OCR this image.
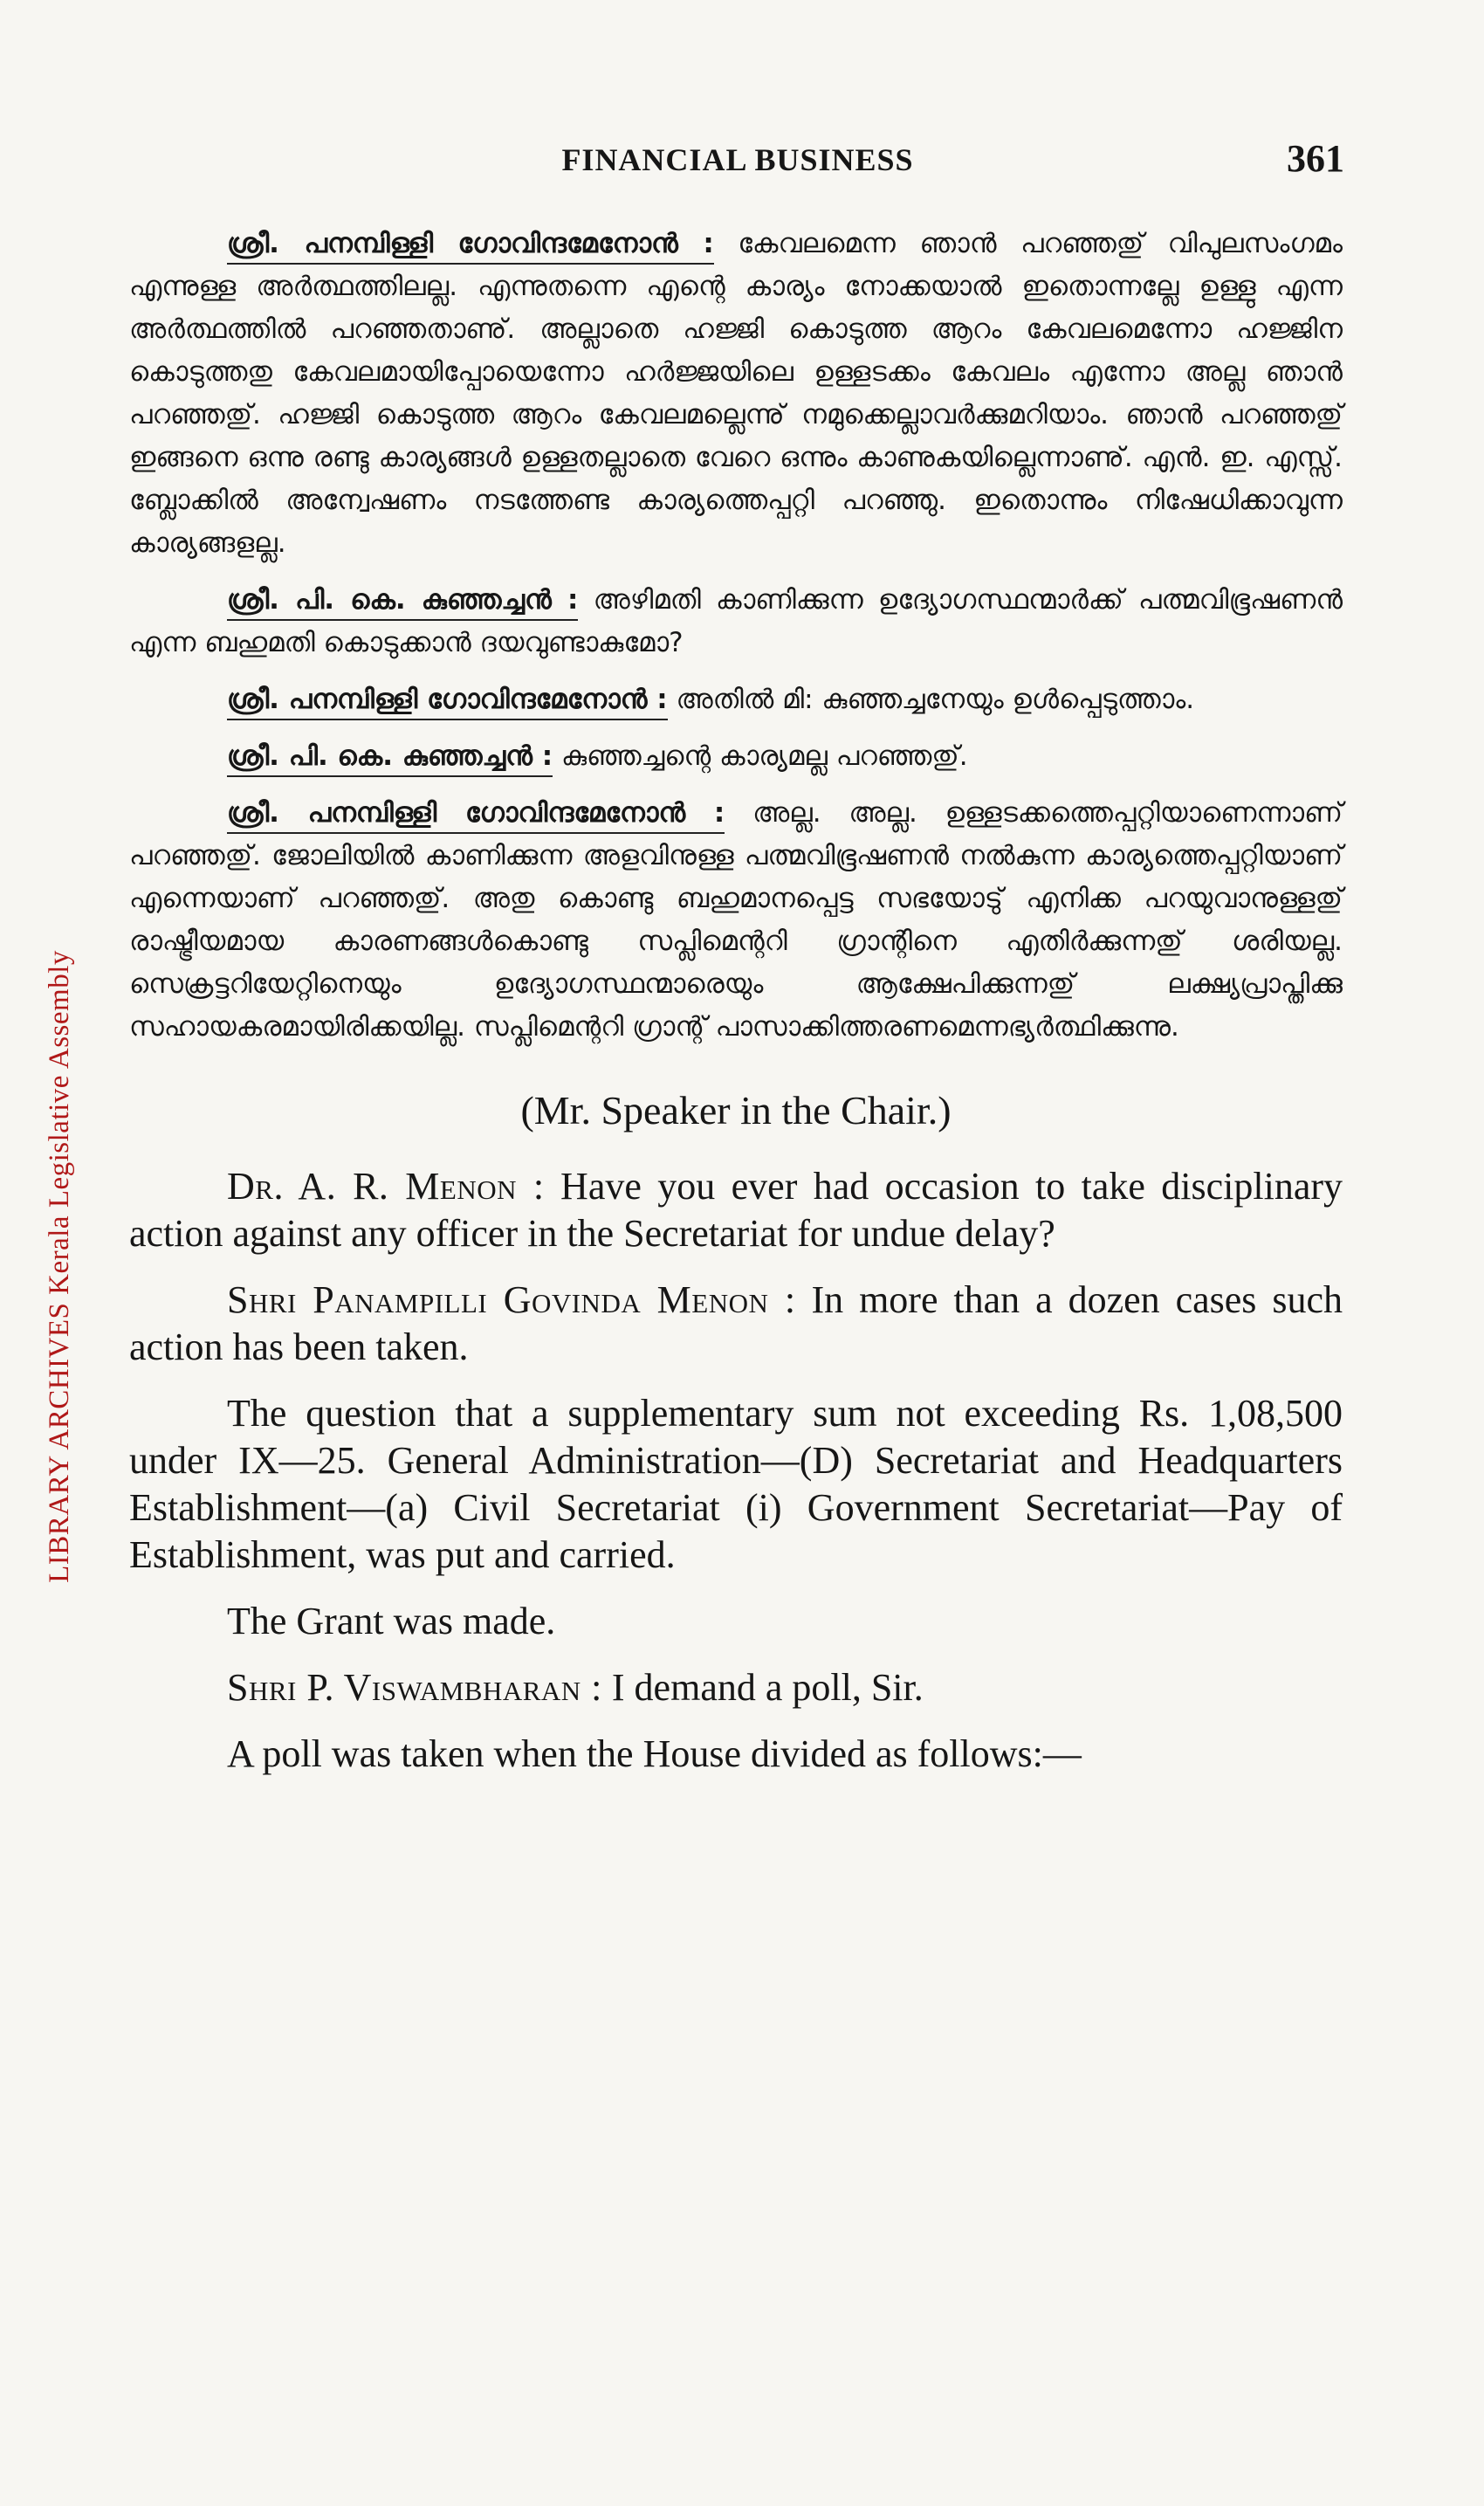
LIBRARY ARCHIVES Kerala Legislative Assembly
FINANCIAL BUSINESS	361

ശ്രീ. പനമ്പിള്ളി ഗോവിന്ദമേനോൻ : കേവലമെന്ന ഞാൻ പറഞ്ഞതു് വിപുലസംഗമം എന്നുള്ള അർത്ഥത്തിലല്ല. എന്നുതന്നെ എന്റെ കാര്യം നോക്കയാൽ ഇതൊന്നല്ലേ ഉള്ളു എന്ന അർത്ഥത്തിൽ പറഞ്ഞതാണു്. അല്ലാതെ ഹജ്ജി കൊടുത്ത ആറം കേവലമെന്നോ ഹജ്ജിന കൊടുത്തതു കേവലമായിപ്പോയെന്നോ ഹർജ്ജയിലെ ഉള്ളടക്കം കേവലം എന്നോ അല്ല ഞാൻ പറഞ്ഞതു്. ഹജ്ജി കൊടുത്ത ആറം കേവലമല്ലെന്നു് നമുക്കെല്ലാവർക്കുമറിയാം. ഞാൻ പറഞ്ഞതു് ഇങ്ങനെ ഒന്നു രണ്ടു കാര്യങ്ങൾ ഉള്ളതല്ലാതെ വേറെ ഒന്നും കാണുകയില്ലെന്നാണു്. എൻ. ഇ. എസ്സ്. ബ്ലോക്കിൽ അന്വേഷണം നടത്തേണ്ട കാര്യത്തെപ്പറ്റി പറഞ്ഞു. ഇതൊന്നും നിഷേധിക്കാവുന്ന കാര്യങ്ങളല്ല.

ശ്രീ. പി. കെ. കുഞ്ഞച്ചൻ : അഴിമതി കാണിക്കുന്ന ഉദ്യോഗസ്ഥന്മാർക്ക് പത്മവിഭൂഷണൻ എന്ന ബഹുമതി കൊടുക്കാൻ ദയവുണ്ടാകുമോ?

ശ്രീ. പനമ്പിള്ളി ഗോവിന്ദമേനോൻ : അതിൽ മി: കുഞ്ഞച്ചനേയും ഉൾപ്പെടുത്താം.

ശ്രീ. പി. കെ. കുഞ്ഞച്ചൻ : കുഞ്ഞച്ചന്റെ കാര്യമല്ല പറഞ്ഞതു്.

ശ്രീ. പനമ്പിള്ളി ഗോവിന്ദമേനോൻ : അല്ല. അല്ല. ഉള്ളടക്കത്തെപ്പറ്റിയാണെന്നാണ് പറഞ്ഞതു്. ജോലിയിൽ കാണിക്കുന്ന അളവിനുള്ള പത്മവിഭൂഷണൻ നൽകുന്ന കാര്യത്തെപ്പറ്റിയാണ് എന്നെയാണ് പറഞ്ഞതു്. അതു കൊണ്ടു ബഹുമാനപ്പെട്ട സഭയോടു് എനിക്ക പറയുവാനുള്ളതു് രാഷ്ട്രീയമായ കാരണങ്ങൾകൊണ്ടു സപ്ലിമെന്ററി ഗ്രാന്റിനെ എതിർക്കുന്നതു് ശരിയല്ല. സെക്രട്ടറിയേറ്റിനെയും ഉദ്യോഗസ്ഥന്മാരെയും ആക്ഷേപിക്കുന്നതു് ലക്ഷ്യപ്രാപ്തിക്കു സഹായകരമായിരിക്കയില്ല. സപ്ലിമെന്ററി ഗ്രാന്റ് പാസാക്കിത്തരണമെന്നഭ്യർത്ഥിക്കുന്നു.

(Mr. Speaker in the Chair.)

Dr. A. R. Menon : Have you ever had occasion to take disciplinary action against any officer in the Secretariat for undue delay?

Shri Panampilli Govinda Menon : In more than a dozen cases such action has been taken.

The question that a supplementary sum not exceeding Rs. 1,08,500 under IX—25. General Administration—(D) Secretariat and Headquarters Establishment—(a) Civil Secretariat (i) Government Secretariat—Pay of Establishment, was put and carried.

The Grant was made.

Shri P. Viswambharan : I demand a poll, Sir.

A poll was taken when the House divided as follows:—
